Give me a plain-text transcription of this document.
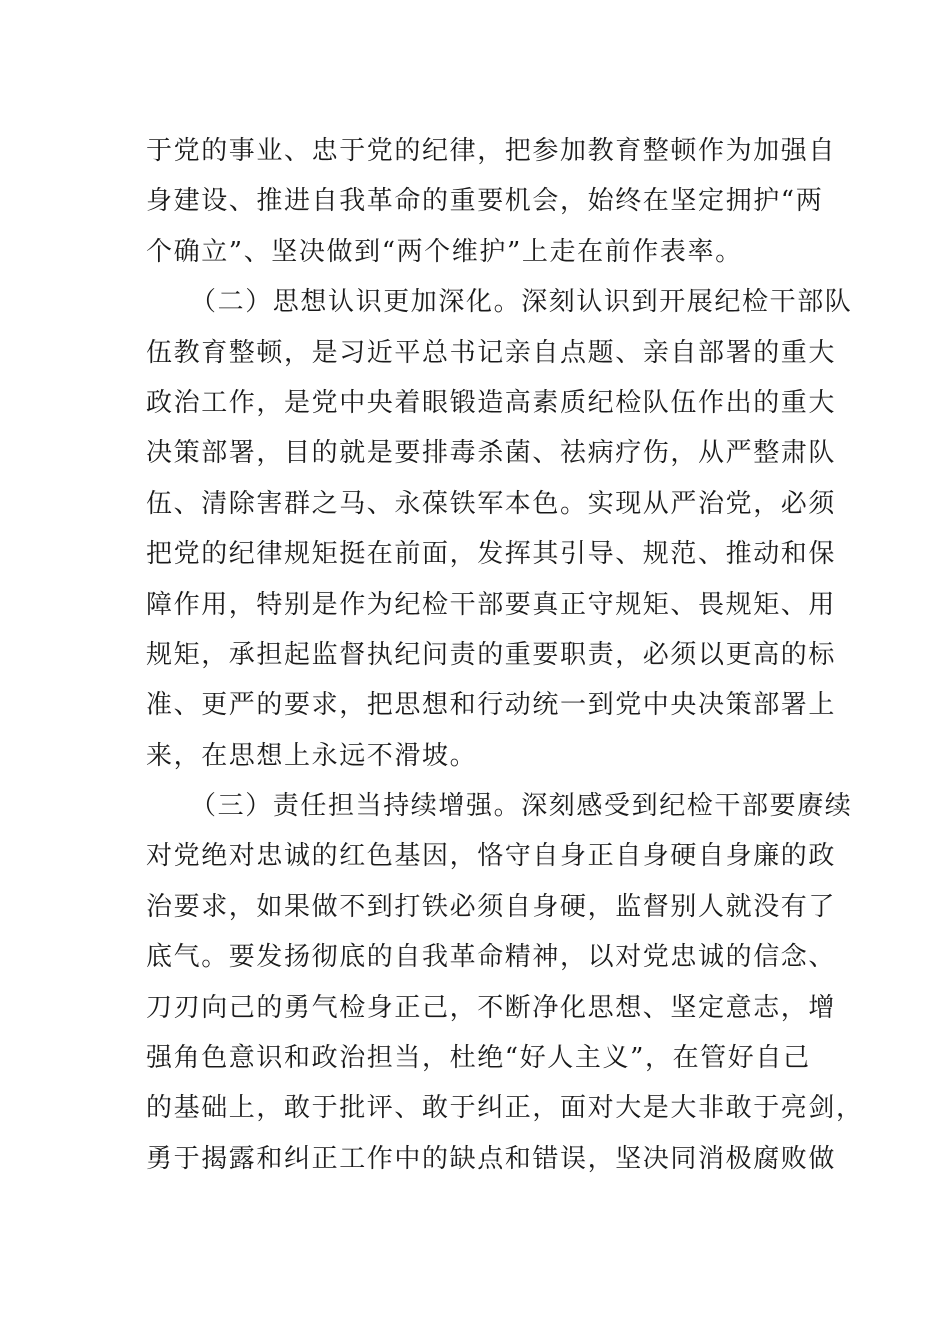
于党的事业、忠于党的纪律，把参加教育整顿作为加强自
身建设、推进自我革命的重要机会，始终在坚定拥护“两
个确立”、坚决做到“两个维护”上走在前作表率。
（二）思想认识更加深化。深刻认识到开展纪检干部队
伍教育整顿，是习近平总书记亲自点题、亲自部署的重大
政治工作，是党中央着眼锻造高素质纪检队伍作出的重大
决策部署，目的就是要排毒杀菌、祛病疗伤，从严整肃队
伍、清除害群之马、永葆铁军本色。实现从严治党，必须
把党的纪律规矩挺在前面，发挥其引导、规范、推动和保
障作用，特别是作为纪检干部要真正守规矩、畏规矩、用
规矩，承担起监督执纪问责的重要职责，必须以更高的标
准、更严的要求，把思想和行动统一到党中央决策部署上
来，在思想上永远不滑坡。
（三）责任担当持续增强。深刻感受到纪检干部要赓续
对党绝对忠诚的红色基因，恪守自身正自身硬自身廉的政
治要求，如果做不到打铁必须自身硬，监督别人就没有了
底气。要发扬彻底的自我革命精神，以对党忠诚的信念、
刀刃向己的勇气检身正己，不断净化思想、坚定意志，增
强角色意识和政治担当，杜绝“好人主义”，在管好自己
的基础上，敢于批评、敢于纠正，面对大是大非敢于亮剑，
勇于揭露和纠正工作中的缺点和错误，坚决同消极腐败做
